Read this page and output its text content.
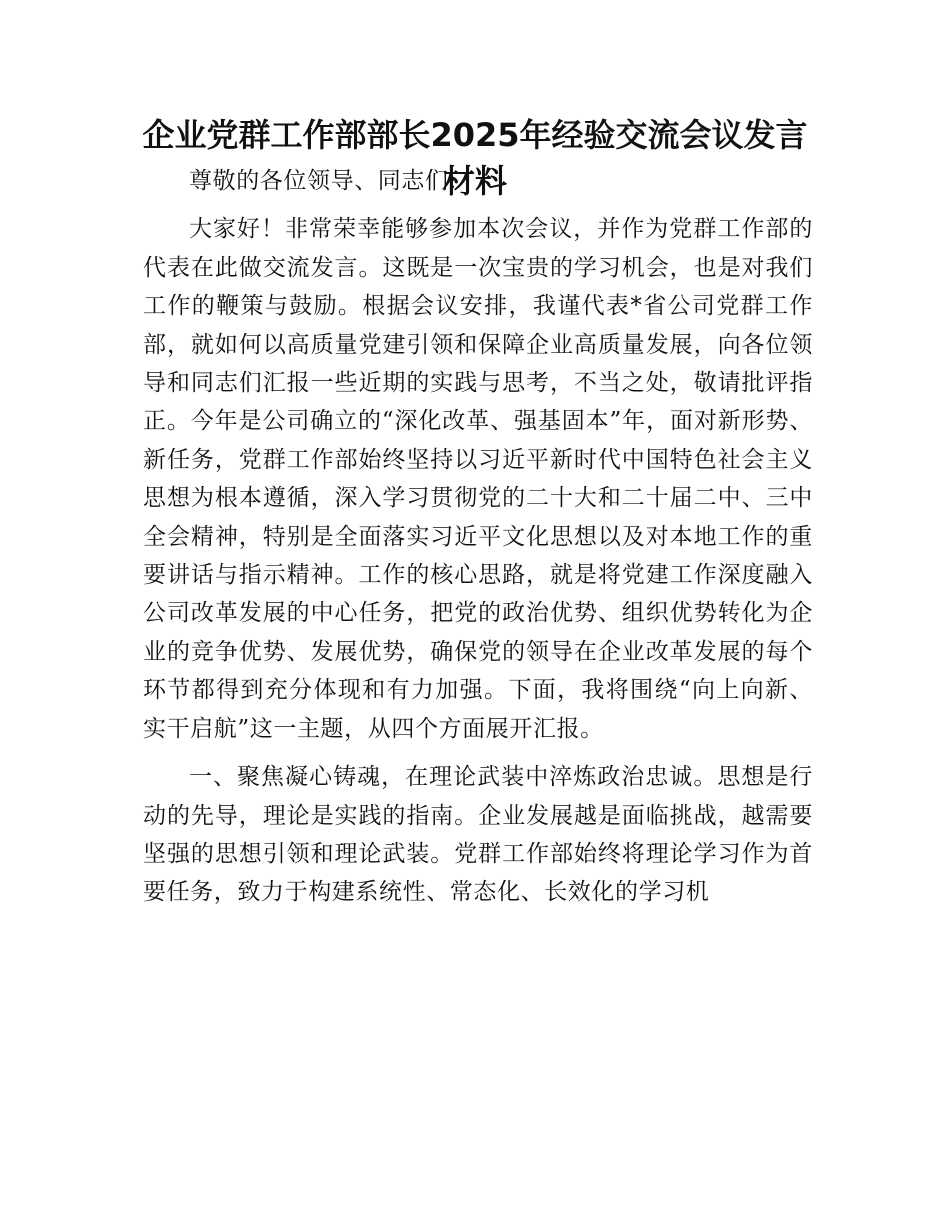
企业党群工作部部长2025年经验交流会议发言材料

尊敬的各位领导、同志们:

大家好！非常荣幸能够参加本次会议，并作为党群工作部的代表在此做交流发言。这既是一次宝贵的学习机会，也是对我们工作的鞭策与鼓励。根据会议安排，我谨代表*省公司党群工作部，就如何以高质量党建引领和保障企业高质量发展，向各位领导和同志们汇报一些近期的实践与思考，不当之处，敬请批评指正。今年是公司确立的“深化改革、强基固本”年，面对新形势、新任务，党群工作部始终坚持以习近平新时代中国特色社会主义思想为根本遵循，深入学习贯彻党的二十大和二十届二中、三中全会精神，特别是全面落实习近平文化思想以及对本地工作的重要讲话与指示精神。工作的核心思路，就是将党建工作深度融入公司改革发展的中心任务，把党的政治优势、组织优势转化为企业的竞争优势、发展优势，确保党的领导在企业改革发展的每个环节都得到充分体现和有力加强。下面，我将围绕“向上向新、实干启航”这一主题，从四个方面展开汇报。

一、聚焦凝心铸魂，在理论武装中淬炼政治忠诚。思想是行动的先导，理论是实践的指南。企业发展越是面临挑战，越需要坚强的思想引领和理论武装。党群工作部始终将理论学习作为首要任务，致力于构建系统性、常态化、长效化的学习机
